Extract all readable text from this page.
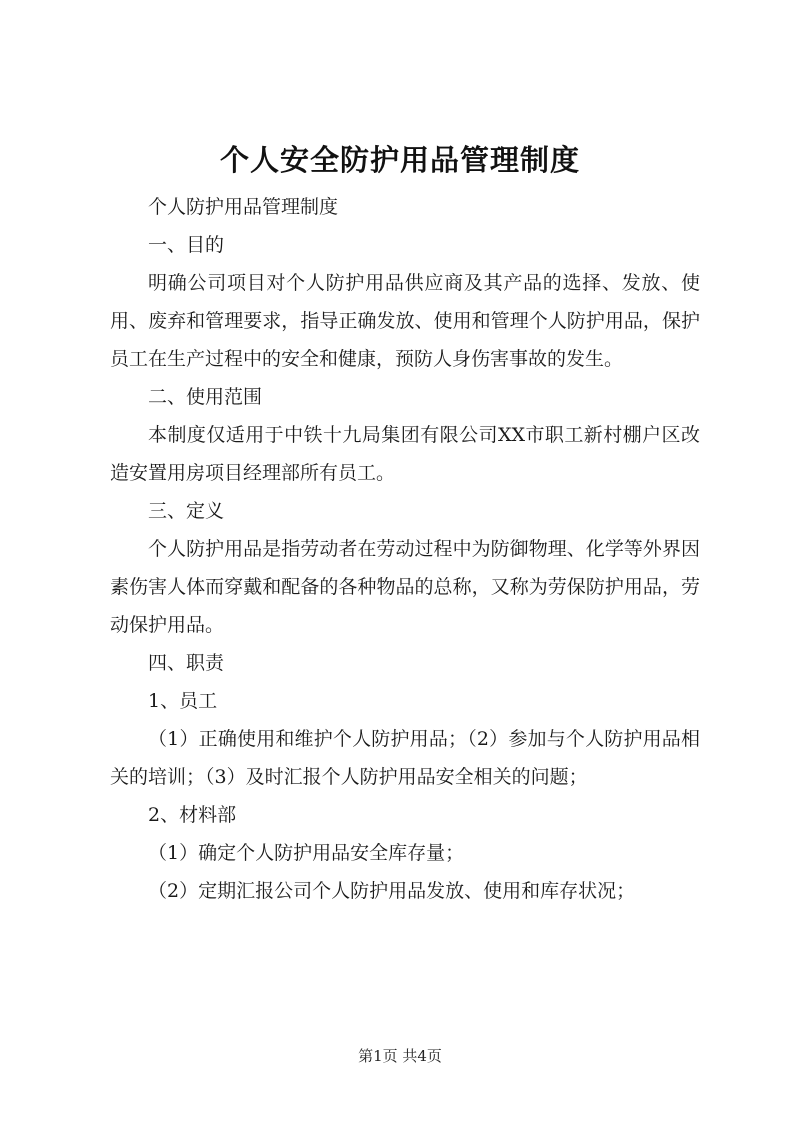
个人安全防护用品管理制度

个人防护用品管理制度

一、目的

明确公司项目对个人防护用品供应商及其产品的选择、发放、使用、废弃和管理要求，指导正确发放、使用和管理个人防护用品，保护员工在生产过程中的安全和健康，预防人身伤害事故的发生。

二、使用范围

本制度仅适用于中铁十九局集团有限公司XX市职工新村棚户区改造安置用房项目经理部所有员工。

三、定义

个人防护用品是指劳动者在劳动过程中为防御物理、化学等外界因素伤害人体而穿戴和配备的各种物品的总称，又称为劳保防护用品，劳动保护用品。

四、职责

1、员工

（1）正确使用和维护个人防护用品；（2）参加与个人防护用品相关的培训；（3）及时汇报个人防护用品安全相关的问题；

2、材料部

（1）确定个人防护用品安全库存量；

（2）定期汇报公司个人防护用品发放、使用和库存状况；

第1页 共4页
